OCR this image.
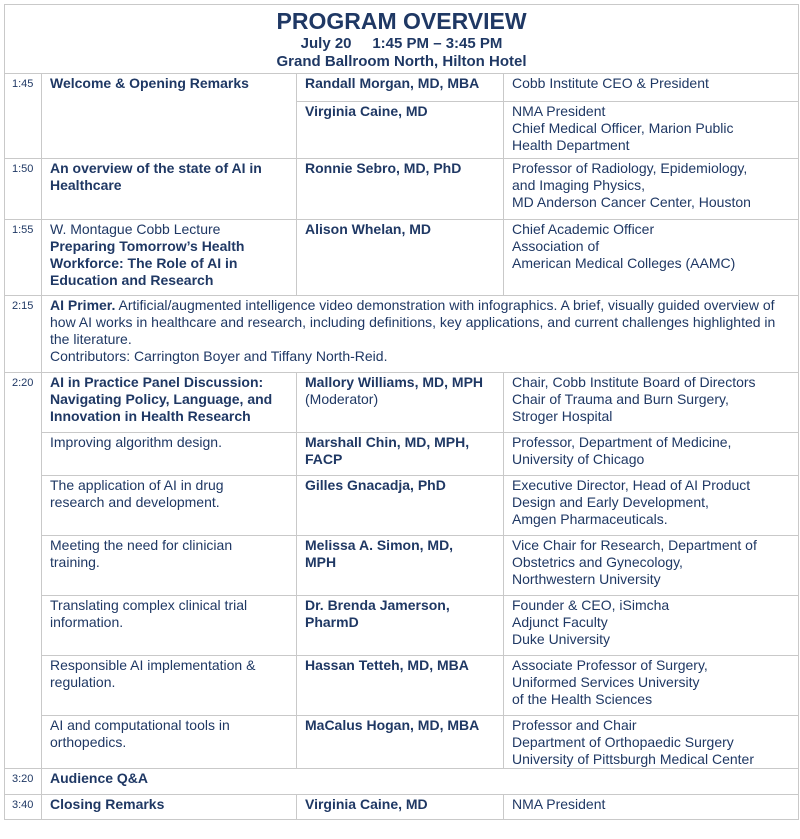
PROGRAM OVERVIEW
July 20     1:45 PM – 3:45 PM
Grand Ballroom North, Hilton Hotel			

1:45	Welcome & Opening Remarks	Randall Morgan, MD, MBA	Cobb Institute CEO & President
		Virginia Caine, MD	NMA President
Chief Medical Officer, Marion Public
Health Department

1:50	An overview of the state of AI in
Healthcare	Ronnie Sebro, MD, PhD	Professor of Radiology, Epidemiology,
and Imaging Physics,
MD Anderson Cancer Center, Houston

1:55	W. Montague Cobb Lecture
Preparing Tomorrow’s Health
Workforce: The Role of AI in
Education and Research	Alison Whelan, MD	Chief Academic Officer
Association of
American Medical Colleges (AAMC)

2:15	AI Primer. Artificial/augmented intelligence video demonstration with infographics. A brief, visually guided overview of how AI works in healthcare and research, including definitions, key applications, and current challenges highlighted in the literature.
Contributors: Carrington Boyer and Tiffany North-Reid.		

2:20	AI in Practice Panel Discussion:
Navigating Policy, Language, and
Innovation in Health Research	Mallory Williams, MD, MPH
(Moderator)	Chair, Cobb Institute Board of Directors
Chair of Trauma and Burn Surgery,
Stroger Hospital

	Improving algorithm design.	Marshall Chin, MD, MPH,
FACP	Professor, Department of Medicine,
University of Chicago

	The application of AI in drug
research and development.	Gilles Gnacadja, PhD	Executive Director, Head of AI Product
Design and Early Development,
Amgen Pharmaceuticals.

	Meeting the need for clinician
training.	Melissa A. Simon, MD,
MPH	Vice Chair for Research, Department of
Obstetrics and Gynecology,
Northwestern University

	Translating complex clinical trial
information.	Dr. Brenda Jamerson,
PharmD	Founder & CEO, iSimcha
Adjunct Faculty
Duke University

	Responsible AI implementation &
regulation.	Hassan Tetteh, MD, MBA	Associate Professor of Surgery,
Uniformed Services University
of the Health Sciences

	AI and computational tools in
orthopedics.	MaCalus Hogan, MD, MBA	Professor and Chair
Department of Orthopaedic Surgery
University of Pittsburgh Medical Center

3:20	Audience Q&A		
3:40	Closing Remarks	Virginia Caine, MD	NMA President
